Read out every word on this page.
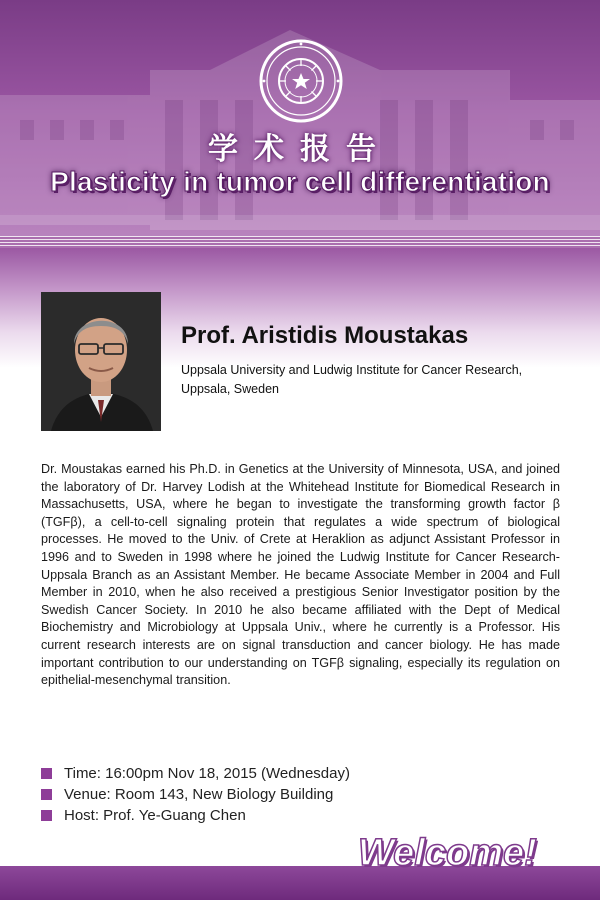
学术报告
Plasticity in tumor cell differentiation
Prof. Aristidis Moustakas
Uppsala University and Ludwig Institute for Cancer Research, Uppsala, Sweden

Dr. Moustakas earned his Ph.D. in Genetics at the University of Minnesota, USA, and joined the laboratory of Dr. Harvey Lodish at the Whitehead Institute for Biomedical Research in Massachusetts, USA, where he began to investigate the transforming growth factor β (TGFβ), a cell-to-cell signaling protein that regulates a wide spectrum of biological processes. He moved to the Univ. of Crete at Heraklion as adjunct Assistant Professor in 1996 and to Sweden in 1998 where he joined the Ludwig Institute for Cancer Research-Uppsala Branch as an Assistant Member. He became Associate Member in 2004 and Full Member in 2010, when he also received a prestigious Senior Investigator position by the Swedish Cancer Society. In 2010 he also became affiliated with the Dept of Medical Biochemistry and Microbiology at Uppsala Univ., where he currently is a Professor. His current research interests are on signal transduction and cancer biology. He has made important contribution to our understanding on TGFβ signaling, especially its regulation on epithelial-mesenchymal transition.

Time: 16:00pm Nov 18, 2015 (Wednesday)
Venue: Room 143, New Biology Building
Host: Prof. Ye-Guang Chen
Welcome!
